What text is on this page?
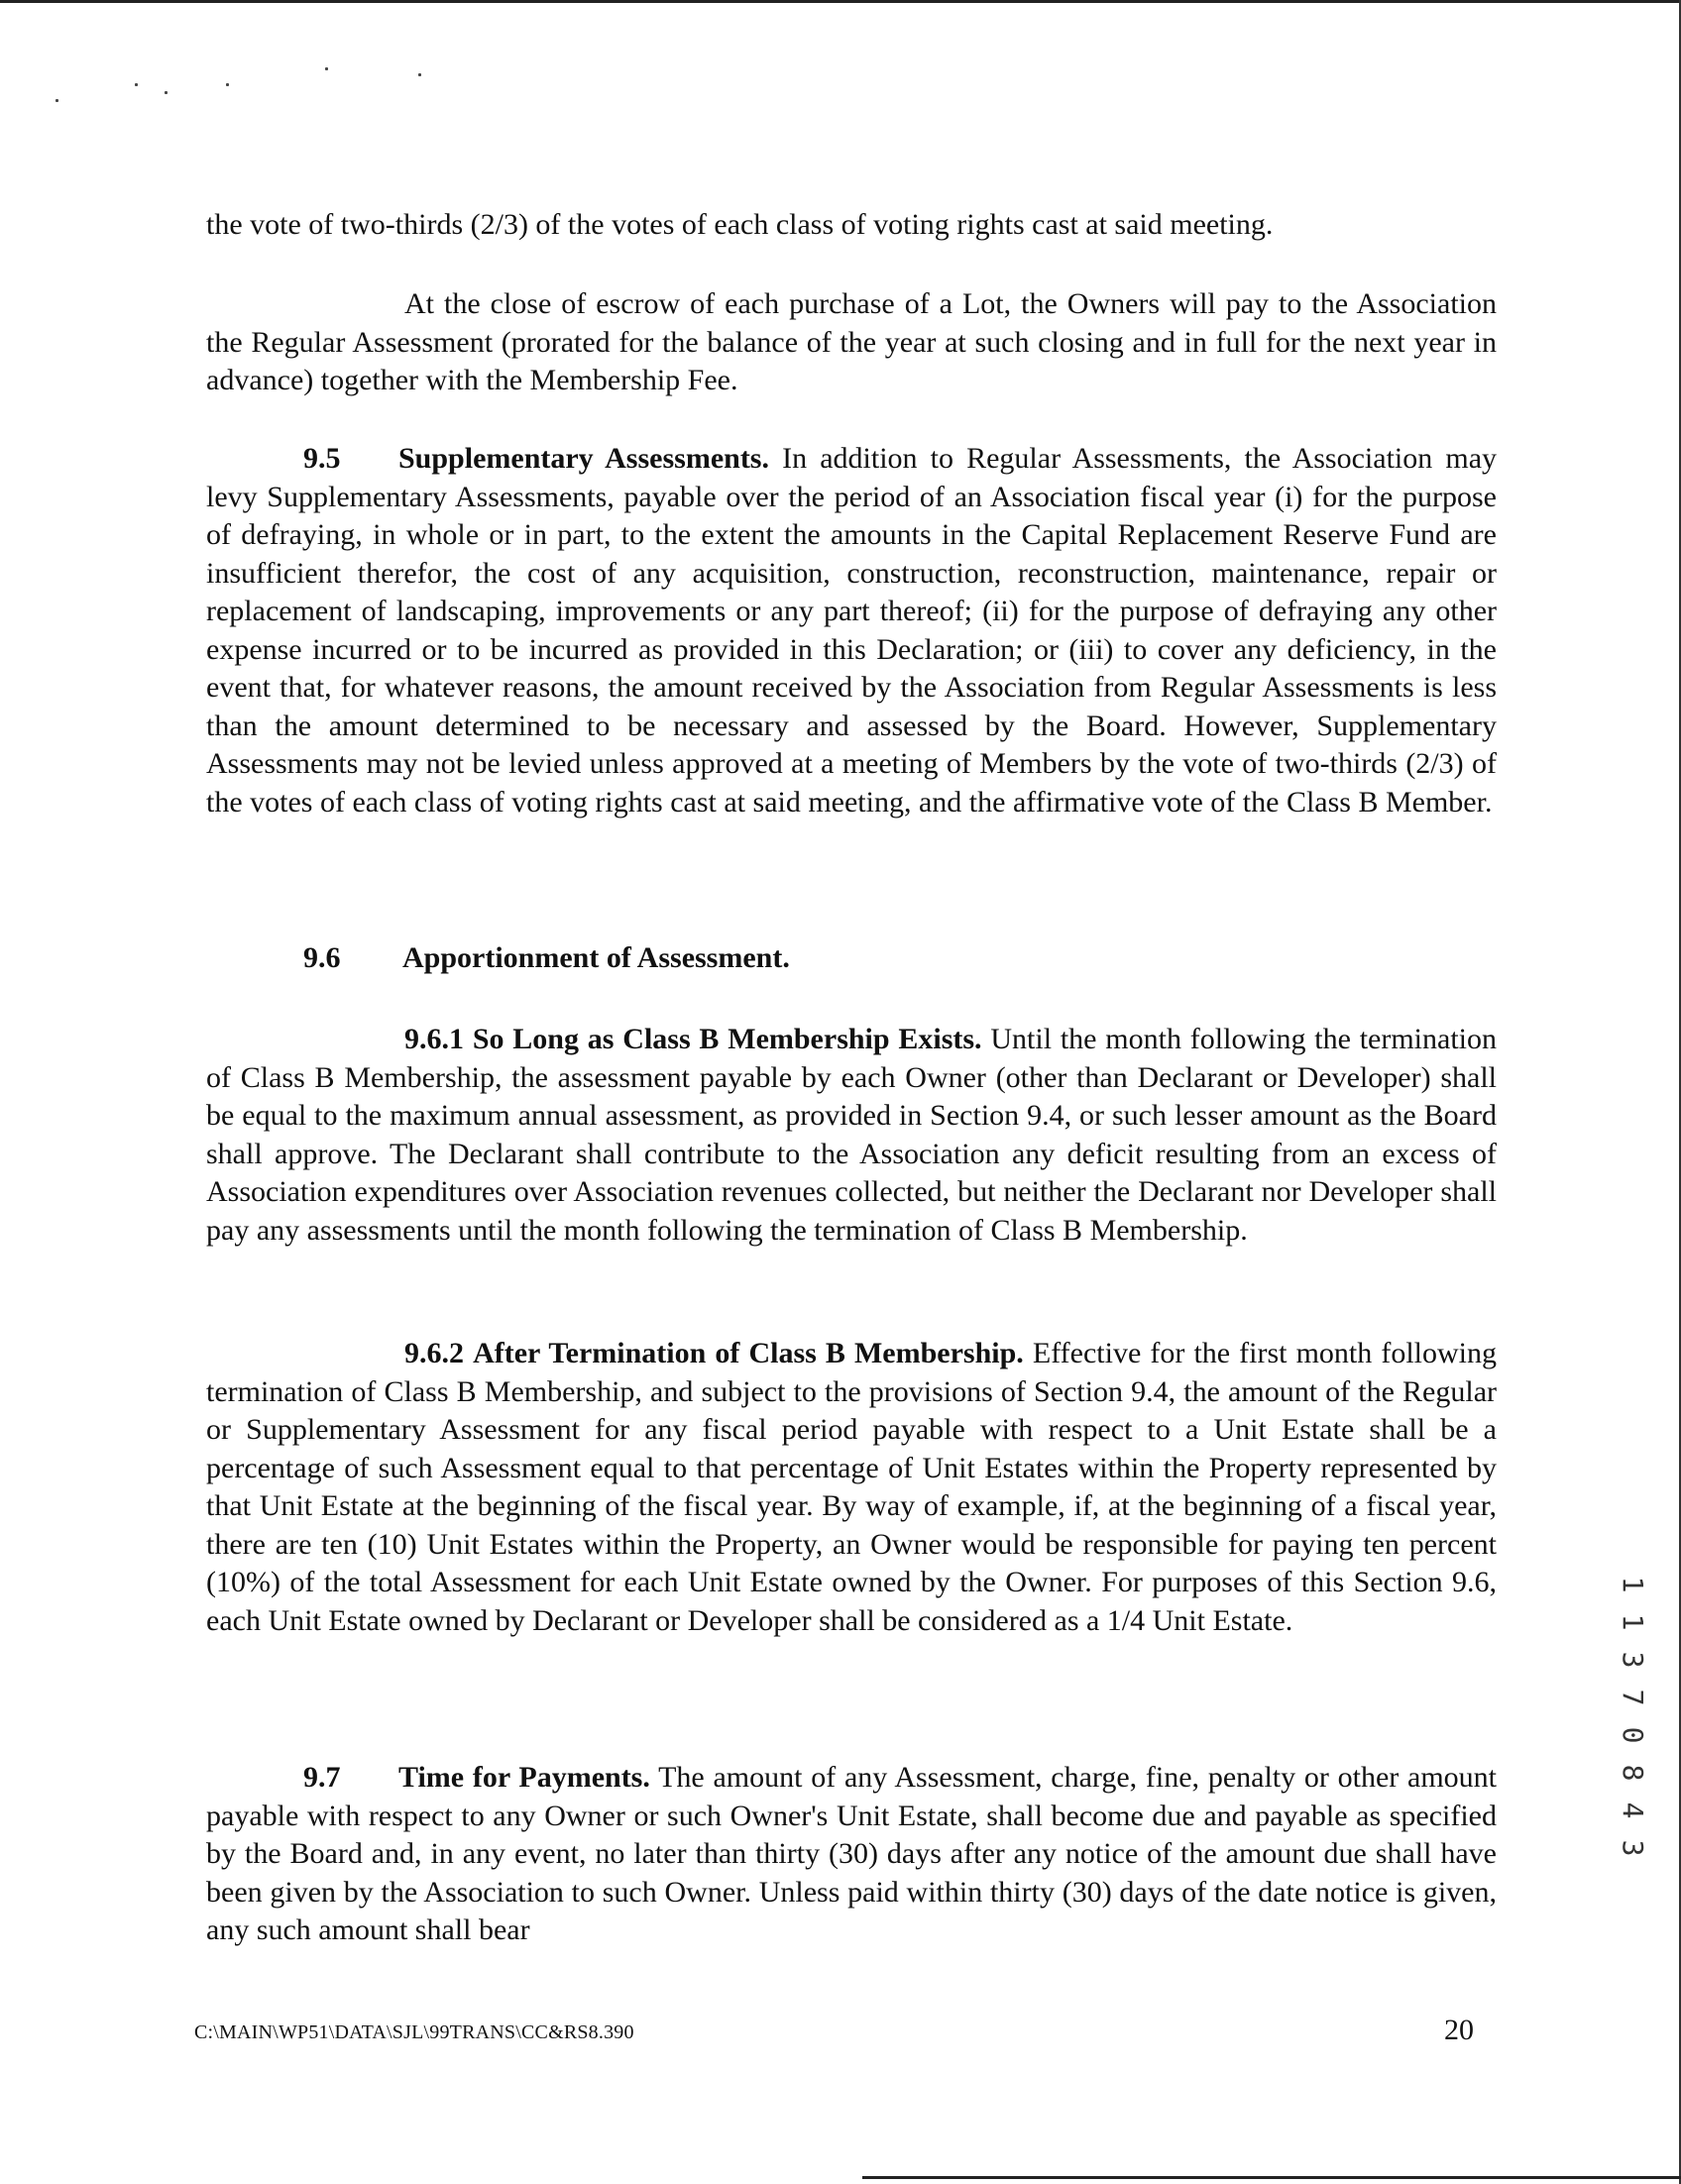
the vote of two-thirds (2/3) of the votes of each class of voting rights cast at said meeting.

At the close of escrow of each purchase of a Lot, the Owners will pay to the Association the Regular Assessment (prorated for the balance of the year at such closing and in full for the next year in advance) together with the Membership Fee.

9.5 Supplementary Assessments. In addition to Regular Assessments, the Association may levy Supplementary Assessments, payable over the period of an Association fiscal year (i) for the purpose of defraying, in whole or in part, to the extent the amounts in the Capital Replacement Reserve Fund are insufficient therefor, the cost of any acquisition, construction, reconstruction, maintenance, repair or replacement of landscaping, improvements or any part thereof; (ii) for the purpose of defraying any other expense incurred or to be incurred as provided in this Declaration; or (iii) to cover any deficiency, in the event that, for whatever reasons, the amount received by the Association from Regular Assessments is less than the amount determined to be necessary and assessed by the Board. However, Supplementary Assessments may not be levied unless approved at a meeting of Members by the vote of two-thirds (2/3) of the votes of each class of voting rights cast at said meeting, and the affirmative vote of the Class B Member.

9.6 Apportionment of Assessment.

9.6.1 So Long as Class B Membership Exists. Until the month following the termination of Class B Membership, the assessment payable by each Owner (other than Declarant or Developer) shall be equal to the maximum annual assessment, as provided in Section 9.4, or such lesser amount as the Board shall approve. The Declarant shall contribute to the Association any deficit resulting from an excess of Association expenditures over Association revenues collected, but neither the Declarant nor Developer shall pay any assessments until the month following the termination of Class B Membership.

9.6.2 After Termination of Class B Membership. Effective for the first month following termination of Class B Membership, and subject to the provisions of Section 9.4, the amount of the Regular or Supplementary Assessment for any fiscal period payable with respect to a Unit Estate shall be a percentage of such Assessment equal to that percentage of Unit Estates within the Property represented by that Unit Estate at the beginning of the fiscal year. By way of example, if, at the beginning of a fiscal year, there are ten (10) Unit Estates within the Property, an Owner would be responsible for paying ten percent (10%) of the total Assessment for each Unit Estate owned by the Owner. For purposes of this Section 9.6, each Unit Estate owned by Declarant or Developer shall be considered as a 1/4 Unit Estate.

9.7 Time for Payments. The amount of any Assessment, charge, fine, penalty or other amount payable with respect to any Owner or such Owner's Unit Estate, shall become due and payable as specified by the Board and, in any event, no later than thirty (30) days after any notice of the amount due shall have been given by the Association to such Owner. Unless paid within thirty (30) days of the date notice is given, any such amount shall bear

1
1
3
7
0
8
4
3
C:\MAIN\WP51\DATA\SJL\99TRANS\CC&RS8.390	20
